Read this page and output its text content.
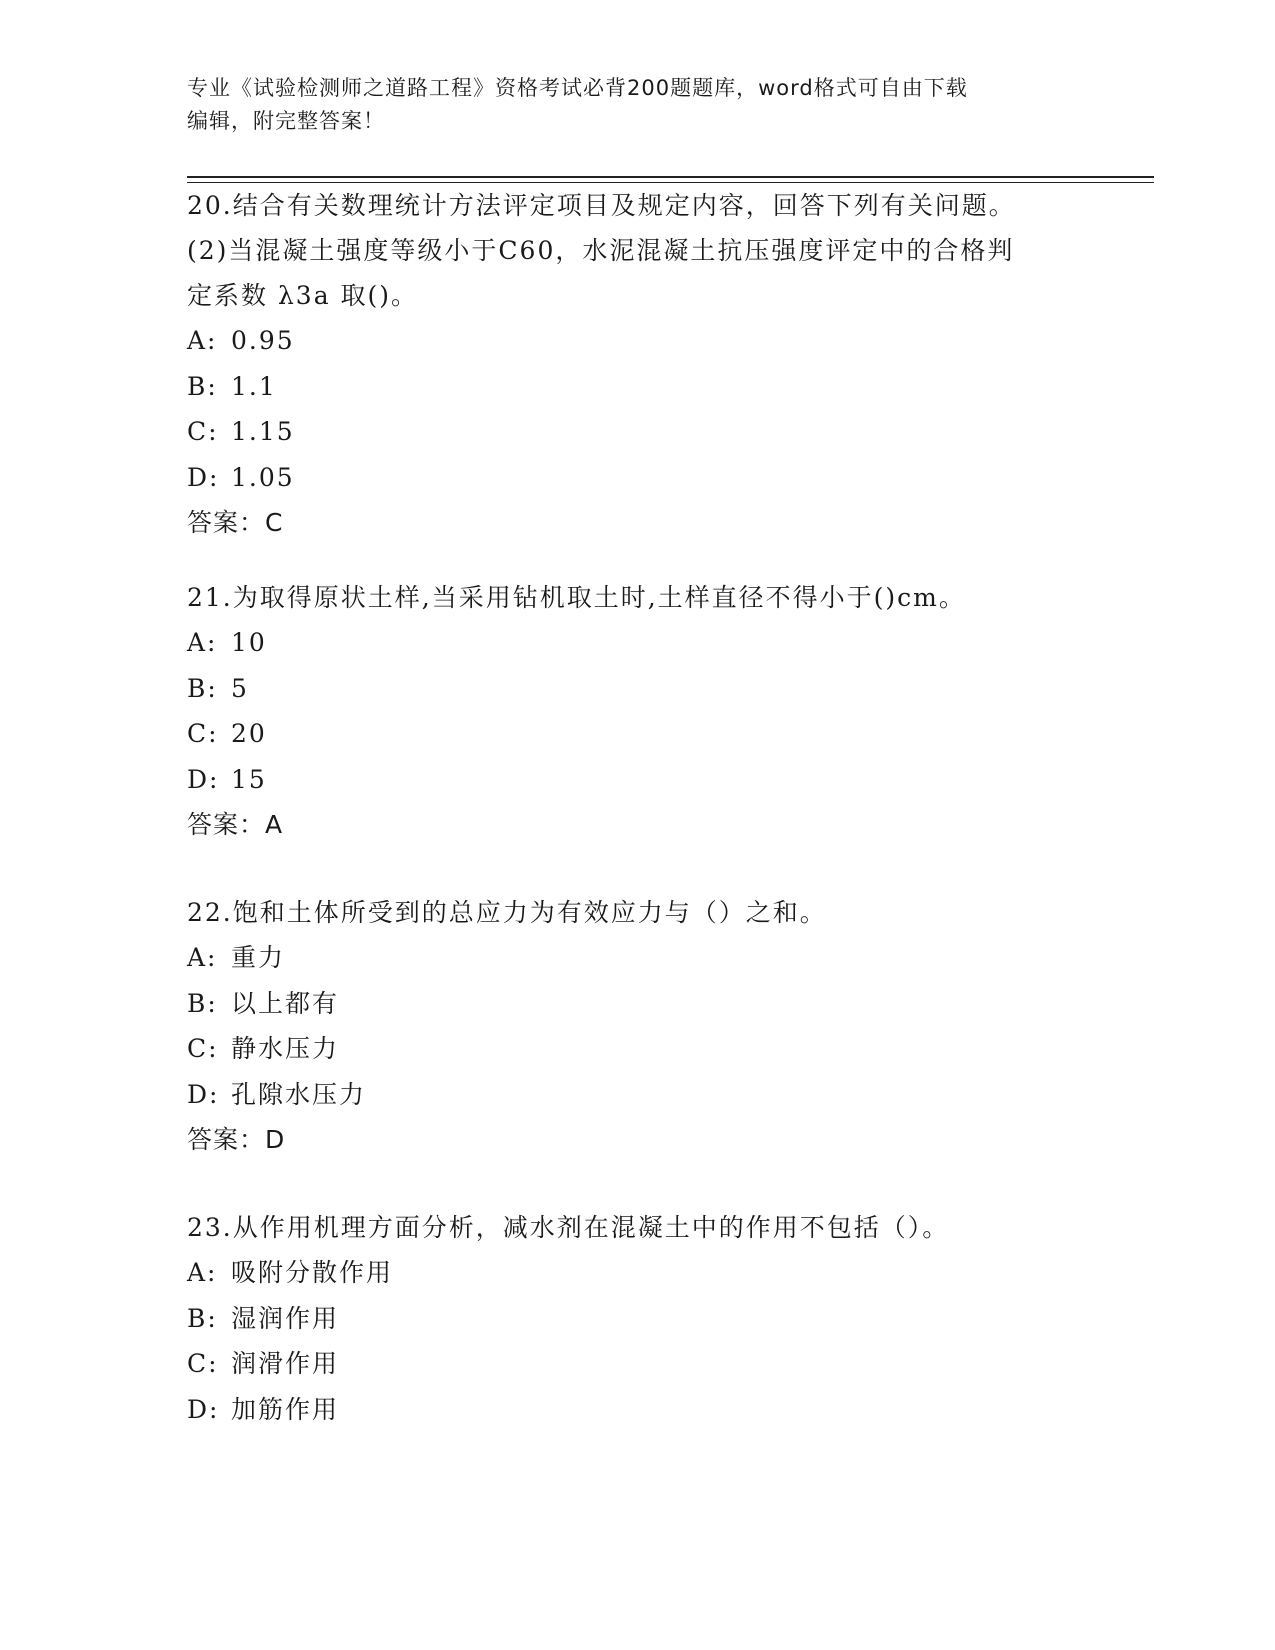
专业《试验检测师之道路工程》资格考试必背200题题库，word格式可自由下载
编辑，附完整答案！
20.结合有关数理统计方法评定项目及规定内容，回答下列有关问题。
(2)当混凝土强度等级小于C60，水泥混凝土抗压强度评定中的合格判
定系数 λ3a 取()。
A: 0.95
B: 1.1
C: 1.15
D: 1.05
答案：C
21.为取得原状土样,当采用钻机取土时,土样直径不得小于()cm。
A: 10
B: 5
C: 20
D: 15
答案：A
22.饱和土体所受到的总应力为有效应力与（）之和。
A: 重力
B: 以上都有
C: 静水压力
D: 孔隙水压力
答案：D
23.从作用机理方面分析，减水剂在混凝土中的作用不包括（）。
A: 吸附分散作用
B: 湿润作用
C: 润滑作用
D: 加筋作用
